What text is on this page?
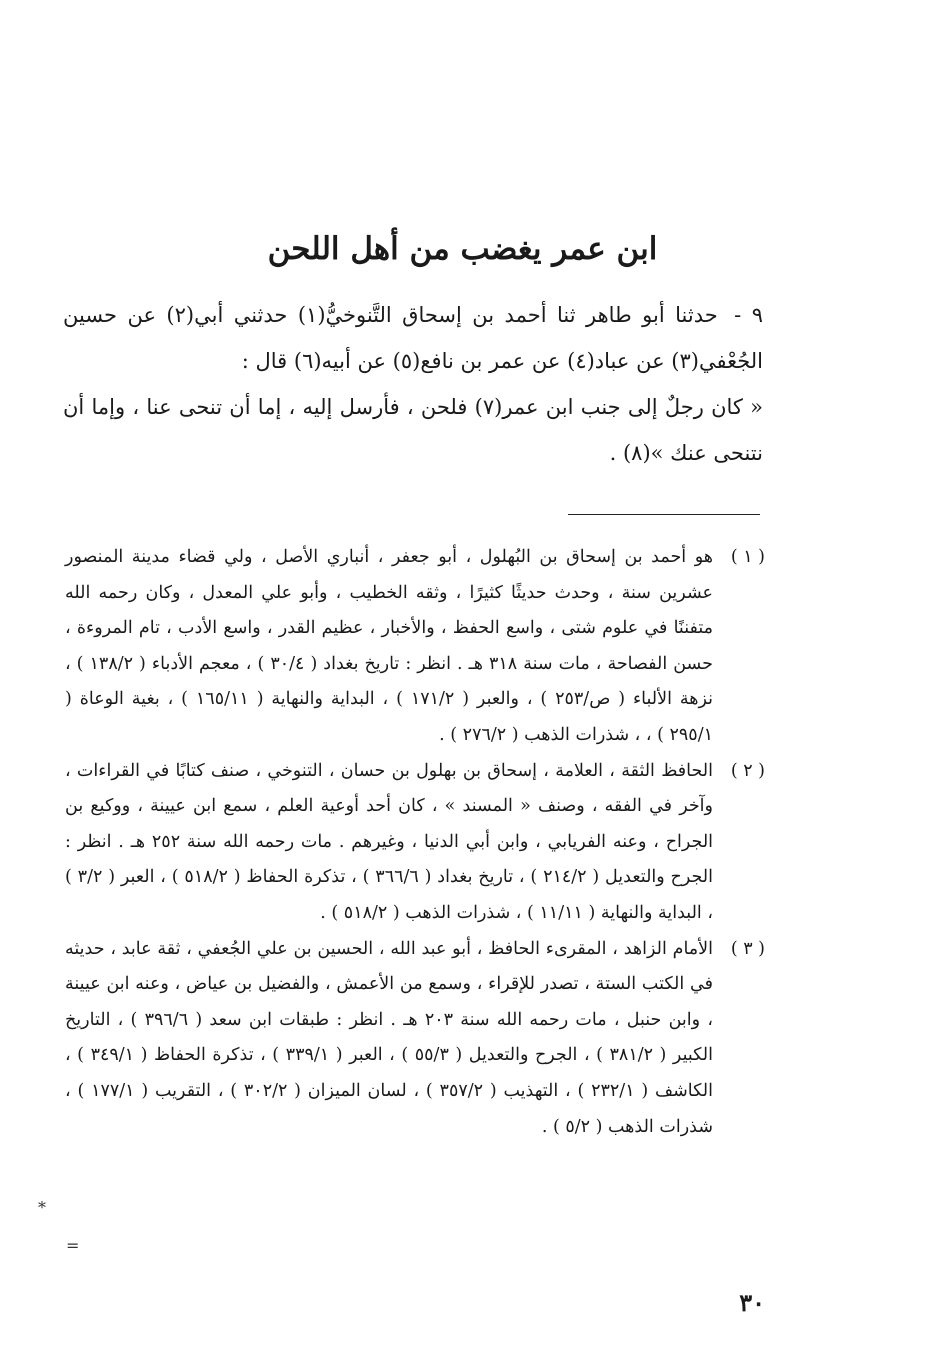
ابن عمر يغضب من أهل اللحن

٩ - حدثنا أبو طاهر ثنا أحمد بن إسحاق التَّنوخيُّ(١) حدثني أبي(٢) عن حسين الجُعْفي(٣) عن عباد(٤) عن عمر بن نافع(٥) عن أبيه(٦) قال :

« كان رجلٌ إلى جنب ابن عمر(٧) فلحن ، فأرسل إليه ، إما أن تنحى عنا ، وإما أن نتنحى عنك »(٨) .

( ١ )
هو أحمد بن إسحاق بن البُهلول ، أبو جعفر ، أنباري الأصل ، ولي قضاء مدينة المنصور عشرين سنة ، وحدث حديثًا كثيرًا ، وثقه الخطيب ، وأبو علي المعدل ، وكان رحمه الله متفننًا في علوم شتى ، واسع الحفظ ، والأخبار ، عظيم القدر ، واسع الأدب ، تام المروءة ، حسن الفصاحة ، مات سنة ٣١٨ هـ . انظر : تاريخ بغداد ( ٣٠/٤ ) ، معجم الأدباء ( ١٣٨/٢ ) ، نزهة الألباء ( ص/٢٥٣ ) ، والعبر ( ١٧١/٢ ) ، البداية والنهاية ( ١٦٥/١١ ) ، بغية الوعاة ( ٢٩٥/١ ) ، ، شذرات الذهب ( ٢٧٦/٢ ) .
( ٢ )
الحافظ الثقة ، العلامة ، إسحاق بن بهلول بن حسان ، التنوخي ، صنف كتابًا في القراءات ، وآخر في الفقه ، وصنف « المسند » ، كان أحد أوعية العلم ، سمع ابن عيينة ، ووكيع بن الجراح ، وعنه الفريابي ، وابن أبي الدنيا ، وغيرهم . مات رحمه الله سنة ٢٥٢ هـ . انظر : الجرح والتعديل ( ٢١٤/٢ ) ، تاريخ بغداد ( ٣٦٦/٦ ) ، تذكرة الحفاظ ( ٥١٨/٢ ) ، العبر ( ٣/٢ ) ، البداية والنهاية ( ١١/١١ ) ، شذرات الذهب ( ٥١٨/٢ ) .
( ٣ )
الأمام الزاهد ، المقرىء الحافظ ، أبو عبد الله ، الحسين بن علي الجُعفي ، ثقة عابد ، حديثه في الكتب الستة ، تصدر للإقراء ، وسمع من الأعمش ، والفضيل بن عياض ، وعنه ابن عيينة ، وابن حنبل ، مات رحمه الله سنة ٢٠٣ هـ . انظر : طبقات ابن سعد ( ٣٩٦/٦ ) ، التاريخ الكبير ( ٣٨١/٢ ) ، الجرح والتعديل ( ٥٥/٣ ) ، العبر ( ٣٣٩/١ ) ، تذكرة الحفاظ ( ٣٤٩/١ ) ، الكاشف ( ٢٣٢/١ ) ، التهذيب ( ٣٥٧/٢ ) ، لسان الميزان ( ٣٠٢/٢ ) ، التقريب ( ١٧٧/١ ) ، شذرات الذهب ( ٥/٢ ) .
*
=
٣٠
